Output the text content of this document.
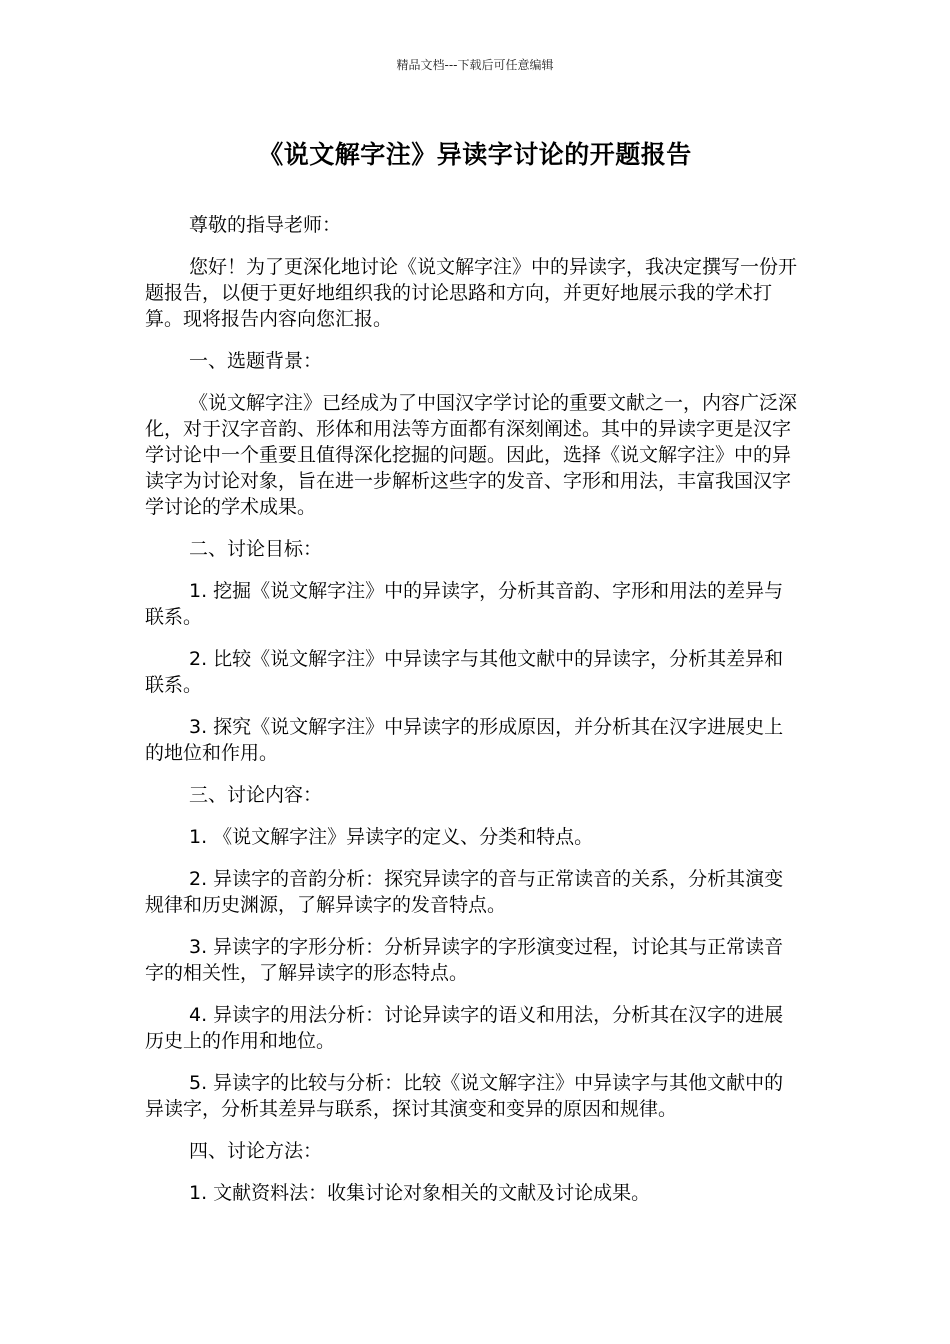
精品文档---下载后可任意编辑
《说文解字注》异读字讨论的开题报告

尊敬的指导老师：

您好！为了更深化地讨论《说文解字注》中的异读字，我决定撰写一份开题报告，以便于更好地组织我的讨论思路和方向，并更好地展示我的学术打算。现将报告内容向您汇报。

一、选题背景：

《说文解字注》已经成为了中国汉字学讨论的重要文献之一，内容广泛深化，对于汉字音韵、形体和用法等方面都有深刻阐述。其中的异读字更是汉字学讨论中一个重要且值得深化挖掘的问题。因此，选择《说文解字注》中的异读字为讨论对象，旨在进一步解析这些字的发音、字形和用法，丰富我国汉字学讨论的学术成果。

二、讨论目标：

1. 挖掘《说文解字注》中的异读字，分析其音韵、字形和用法的差异与联系。

2. 比较《说文解字注》中异读字与其他文献中的异读字，分析其差异和联系。

3. 探究《说文解字注》中异读字的形成原因，并分析其在汉字进展史上的地位和作用。

三、讨论内容：

1. 《说文解字注》异读字的定义、分类和特点。

2. 异读字的音韵分析：探究异读字的音与正常读音的关系，分析其演变规律和历史渊源，了解异读字的发音特点。

3. 异读字的字形分析：分析异读字的字形演变过程，讨论其与正常读音字的相关性，了解异读字的形态特点。

4. 异读字的用法分析：讨论异读字的语义和用法，分析其在汉字的进展历史上的作用和地位。

5. 异读字的比较与分析：比较《说文解字注》中异读字与其他文献中的异读字，分析其差异与联系，探讨其演变和变异的原因和规律。

四、讨论方法：

1. 文献资料法：收集讨论对象相关的文献及讨论成果。
